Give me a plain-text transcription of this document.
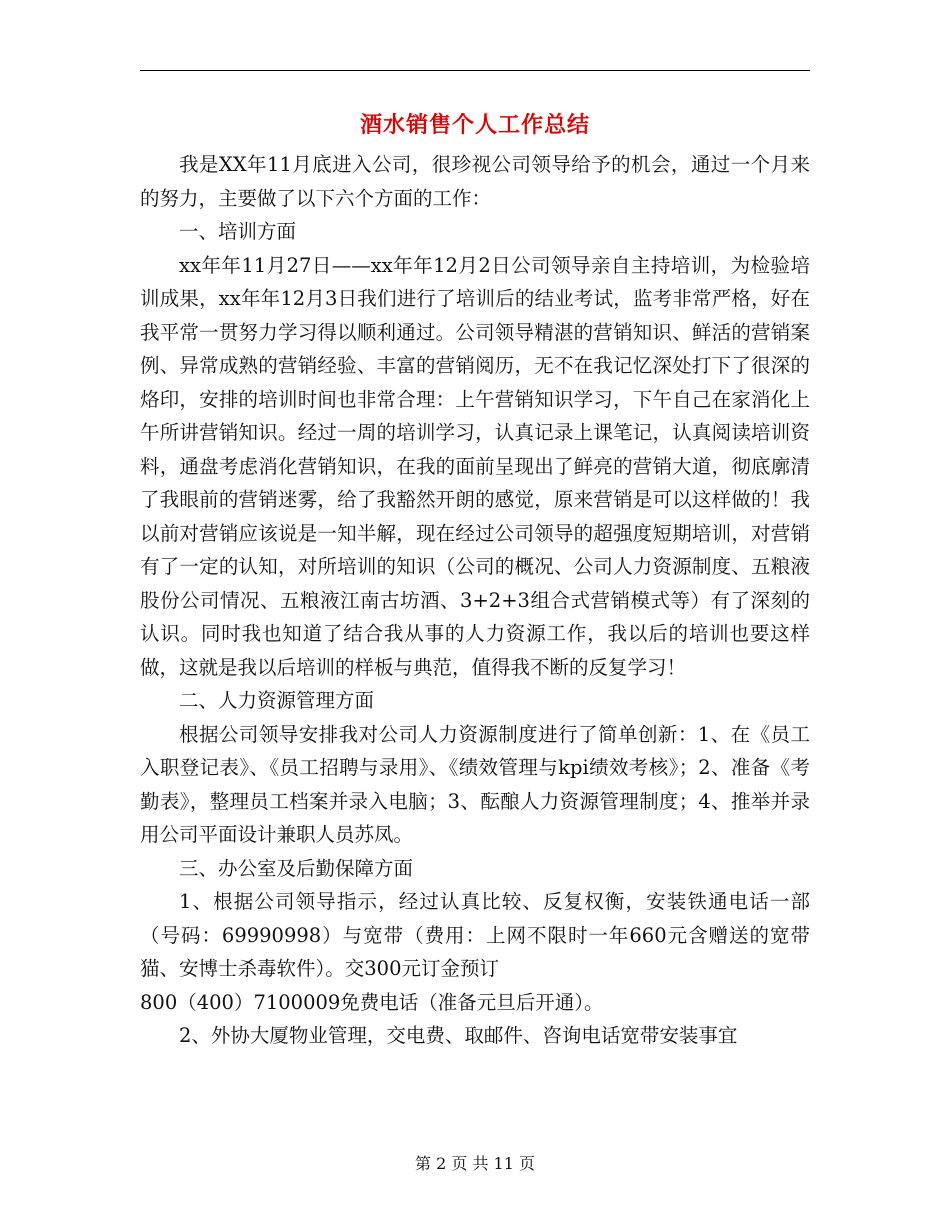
酒水销售个人工作总结

我是XX年11月底进入公司，很珍视公司领导给予的机会，通过一个月来的努力，主要做了以下六个方面的工作：

一、培训方面

xx年年11月27日——xx年年12月2日公司领导亲自主持培训，为检验培训成果，xx年年12月3日我们进行了培训后的结业考试，监考非常严格，好在我平常一贯努力学习得以顺利通过。公司领导精湛的营销知识、鲜活的营销案例、异常成熟的营销经验、丰富的营销阅历，无不在我记忆深处打下了很深的烙印，安排的培训时间也非常合理：上午营销知识学习，下午自己在家消化上午所讲营销知识。经过一周的培训学习，认真记录上课笔记，认真阅读培训资料，通盘考虑消化营销知识，在我的面前呈现出了鲜亮的营销大道，彻底廓清了我眼前的营销迷雾，给了我豁然开朗的感觉，原来营销是可以这样做的！我以前对营销应该说是一知半解，现在经过公司领导的超强度短期培训，对营销有了一定的认知，对所培训的知识（公司的概况、公司人力资源制度、五粮液股份公司情况、五粮液江南古坊酒、3+2+3组合式营销模式等）有了深刻的认识。同时我也知道了结合我从事的人力资源工作，我以后的培训也要这样做，这就是我以后培训的样板与典范，值得我不断的反复学习！

二、人力资源管理方面

根据公司领导安排我对公司人力资源制度进行了简单创新：1、在《员工入职登记表》、《员工招聘与录用》、《绩效管理与kpi绩效考核》；2、准备《考勤表》，整理员工档案并录入电脑；3、酝酿人力资源管理制度；4、推举并录用公司平面设计兼职人员苏凤。

三、办公室及后勤保障方面

1、根据公司领导指示，经过认真比较、反复权衡，安装铁通电话一部（号码：69990998）与宽带（费用：上网不限时一年660元含赠送的宽带猫、安博士杀毒软件）。交300元订金预订

800（400）7100009免费电话（准备元旦后开通）。

2、外协大厦物业管理，交电费、取邮件、咨询电话宽带安装事宜

第 2 页 共 11 页
